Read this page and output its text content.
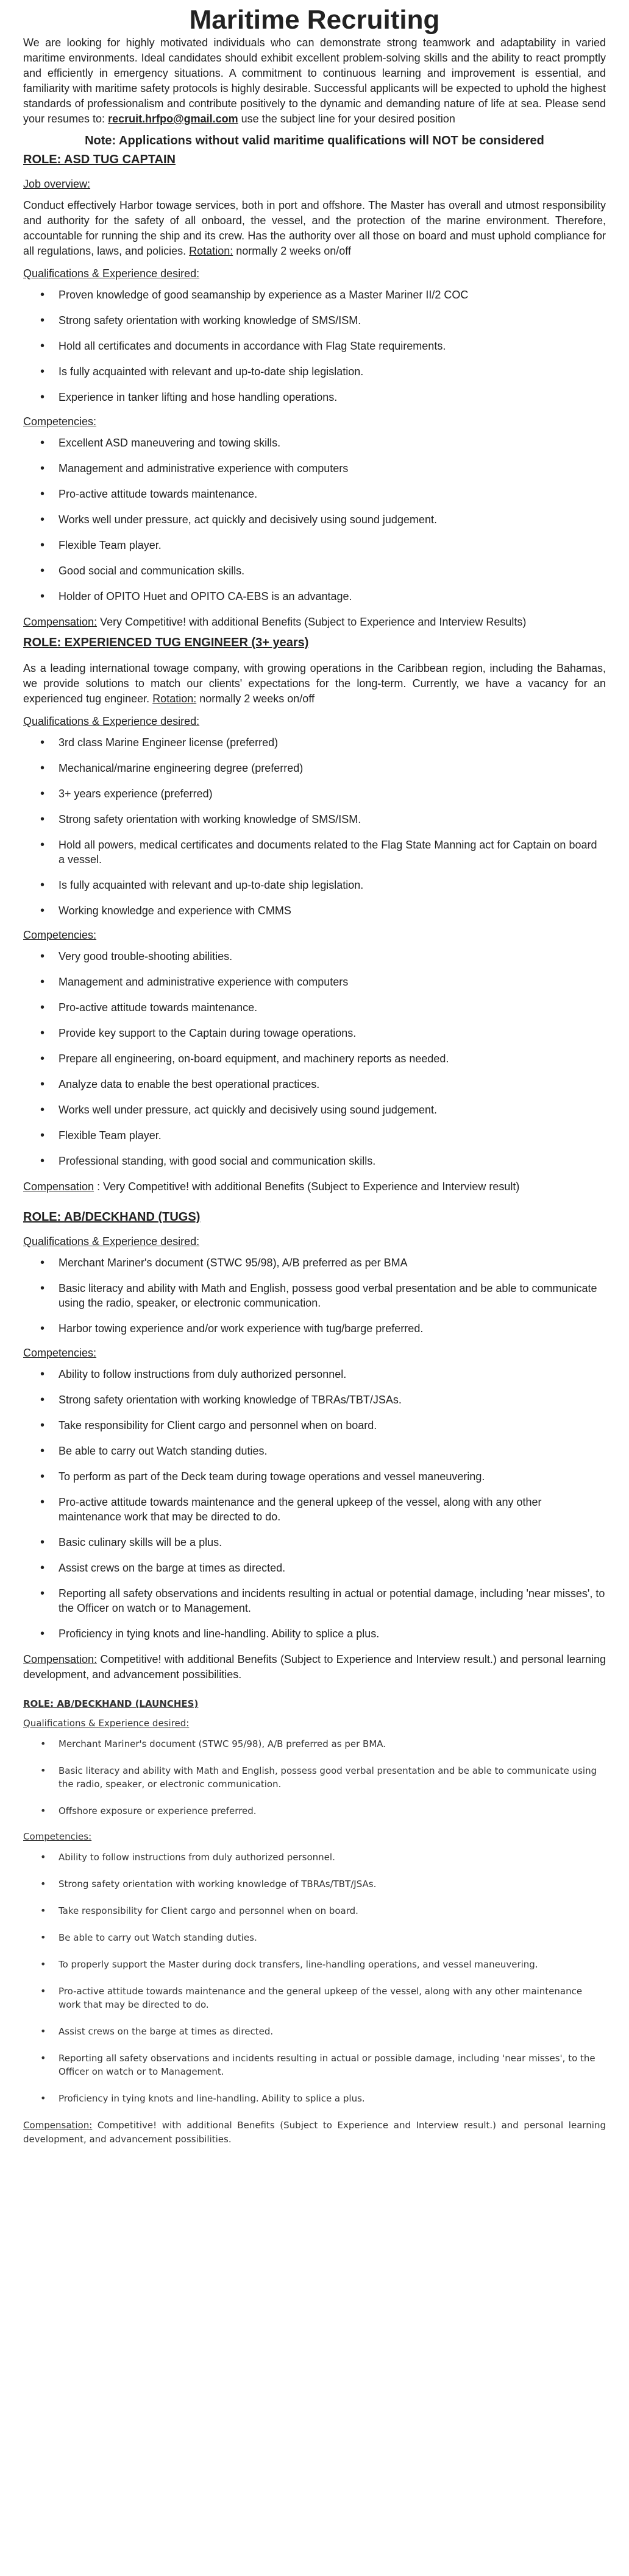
Maritime Recruiting

We are looking for highly motivated individuals who can demonstrate strong teamwork and adaptability in varied maritime environments. Ideal candidates should exhibit excellent problem-solving skills and the ability to react promptly and efficiently in emergency situations. A commitment to continuous learning and improvement is essential, and familiarity with maritime safety protocols is highly desirable. Successful applicants will be expected to uphold the highest standards of professionalism and contribute positively to the dynamic and demanding nature of life at sea. Please send your resumes to: recruit.hrfpo@gmail.com use the subject line for your desired position

Note: Applications without valid maritime qualifications will NOT be considered

ROLE: ASD TUG CAPTAIN
Job overview:

Conduct effectively Harbor towage services, both in port and offshore. The Master has overall and utmost responsibility and authority for the safety of all onboard, the vessel, and the protection of the marine environment. Therefore, accountable for running the ship and its crew. Has the authority over all those on board and must uphold compliance for all regulations, laws, and policies. Rotation: normally 2 weeks on/off

Qualifications & Experience desired:
• Proven knowledge of good seamanship by experience as a Master Mariner II/2 COC
• Strong safety orientation with working knowledge of SMS/ISM.
• Hold all certificates and documents in accordance with Flag State requirements.
• Is fully acquainted with relevant and up-to-date ship legislation.
• Experience in tanker lifting and hose handling operations.
Competencies:
• Excellent ASD maneuvering and towing skills.
• Management and administrative experience with computers
• Pro-active attitude towards maintenance.
• Works well under pressure, act quickly and decisively using sound judgement.
• Flexible Team player.
• Good social and communication skills.
• Holder of OPITO Huet and OPITO CA-EBS is an advantage.

Compensation: Very Competitive! with additional Benefits (Subject to Experience and Interview Results)

ROLE: EXPERIENCED TUG ENGINEER (3+ years)

As a leading international towage company, with growing operations in the Caribbean region, including the Bahamas, we provide solutions to match our clients' expectations for the long-term. Currently, we have a vacancy for an experienced tug engineer. Rotation: normally 2 weeks on/off

Qualifications & Experience desired:
• 3rd class Marine Engineer license (preferred)
• Mechanical/marine engineering degree (preferred)
• 3+ years experience (preferred)
• Strong safety orientation with working knowledge of SMS/ISM.
• Hold all powers, medical certificates and documents related to the Flag State Manning act for Captain on board a vessel.
• Is fully acquainted with relevant and up-to-date ship legislation.
• Working knowledge and experience with CMMS
Competencies:
• Very good trouble-shooting abilities.
• Management and administrative experience with computers
• Pro-active attitude towards maintenance.
• Provide key support to the Captain during towage operations.
• Prepare all engineering, on-board equipment, and machinery reports as needed.
• Analyze data to enable the best operational practices.
• Works well under pressure, act quickly and decisively using sound judgement.
• Flexible Team player.
• Professional standing, with good social and communication skills.

Compensation : Very Competitive! with additional Benefits (Subject to Experience and Interview result)

ROLE: AB/DECKHAND (TUGS)
Qualifications & Experience desired:
• Merchant Mariner's document (STWC 95/98), A/B preferred as per BMA
• Basic literacy and ability with Math and English, possess good verbal presentation and be able to communicate using the radio, speaker, or electronic communication.
• Harbor towing experience and/or work experience with tug/barge preferred.
Competencies:
• Ability to follow instructions from duly authorized personnel.
• Strong safety orientation with working knowledge of TBRAs/TBT/JSAs.
• Take responsibility for Client cargo and personnel when on board.
• Be able to carry out Watch standing duties.
• To perform as part of the Deck team during towage operations and vessel maneuvering.
• Pro-active attitude towards maintenance and the general upkeep of the vessel, along with any other maintenance work that may be directed to do.
• Basic culinary skills will be a plus.
• Assist crews on the barge at times as directed.
• Reporting all safety observations and incidents resulting in actual or potential damage, including 'near misses', to the Officer on watch or to Management.
• Proficiency in tying knots and line-handling. Ability to splice a plus.

Compensation: Competitive! with additional Benefits (Subject to Experience and Interview result.) and personal learning development, and advancement possibilities.

ROLE: AB/DECKHAND (LAUNCHES)
Qualifications & Experience desired:
• Merchant Mariner's document (STWC 95/98), A/B preferred as per BMA.
• Basic literacy and ability with Math and English, possess good verbal presentation and be able to communicate using the radio, speaker, or electronic communication.
• Offshore exposure or experience preferred.
Competencies:
• Ability to follow instructions from duly authorized personnel.
• Strong safety orientation with working knowledge of TBRAs/TBT/JSAs.
• Take responsibility for Client cargo and personnel when on board.
• Be able to carry out Watch standing duties.
• To properly support the Master during dock transfers, line-handling operations, and vessel maneuvering.
• Pro-active attitude towards maintenance and the general upkeep of the vessel, along with any other maintenance work that may be directed to do.
• Assist crews on the barge at times as directed.
• Reporting all safety observations and incidents resulting in actual or possible damage, including 'near misses', to the Officer on watch or to Management.
• Proficiency in tying knots and line-handling. Ability to splice a plus.

Compensation: Competitive! with additional Benefits (Subject to Experience and Interview result.) and personal learning development, and advancement possibilities.
